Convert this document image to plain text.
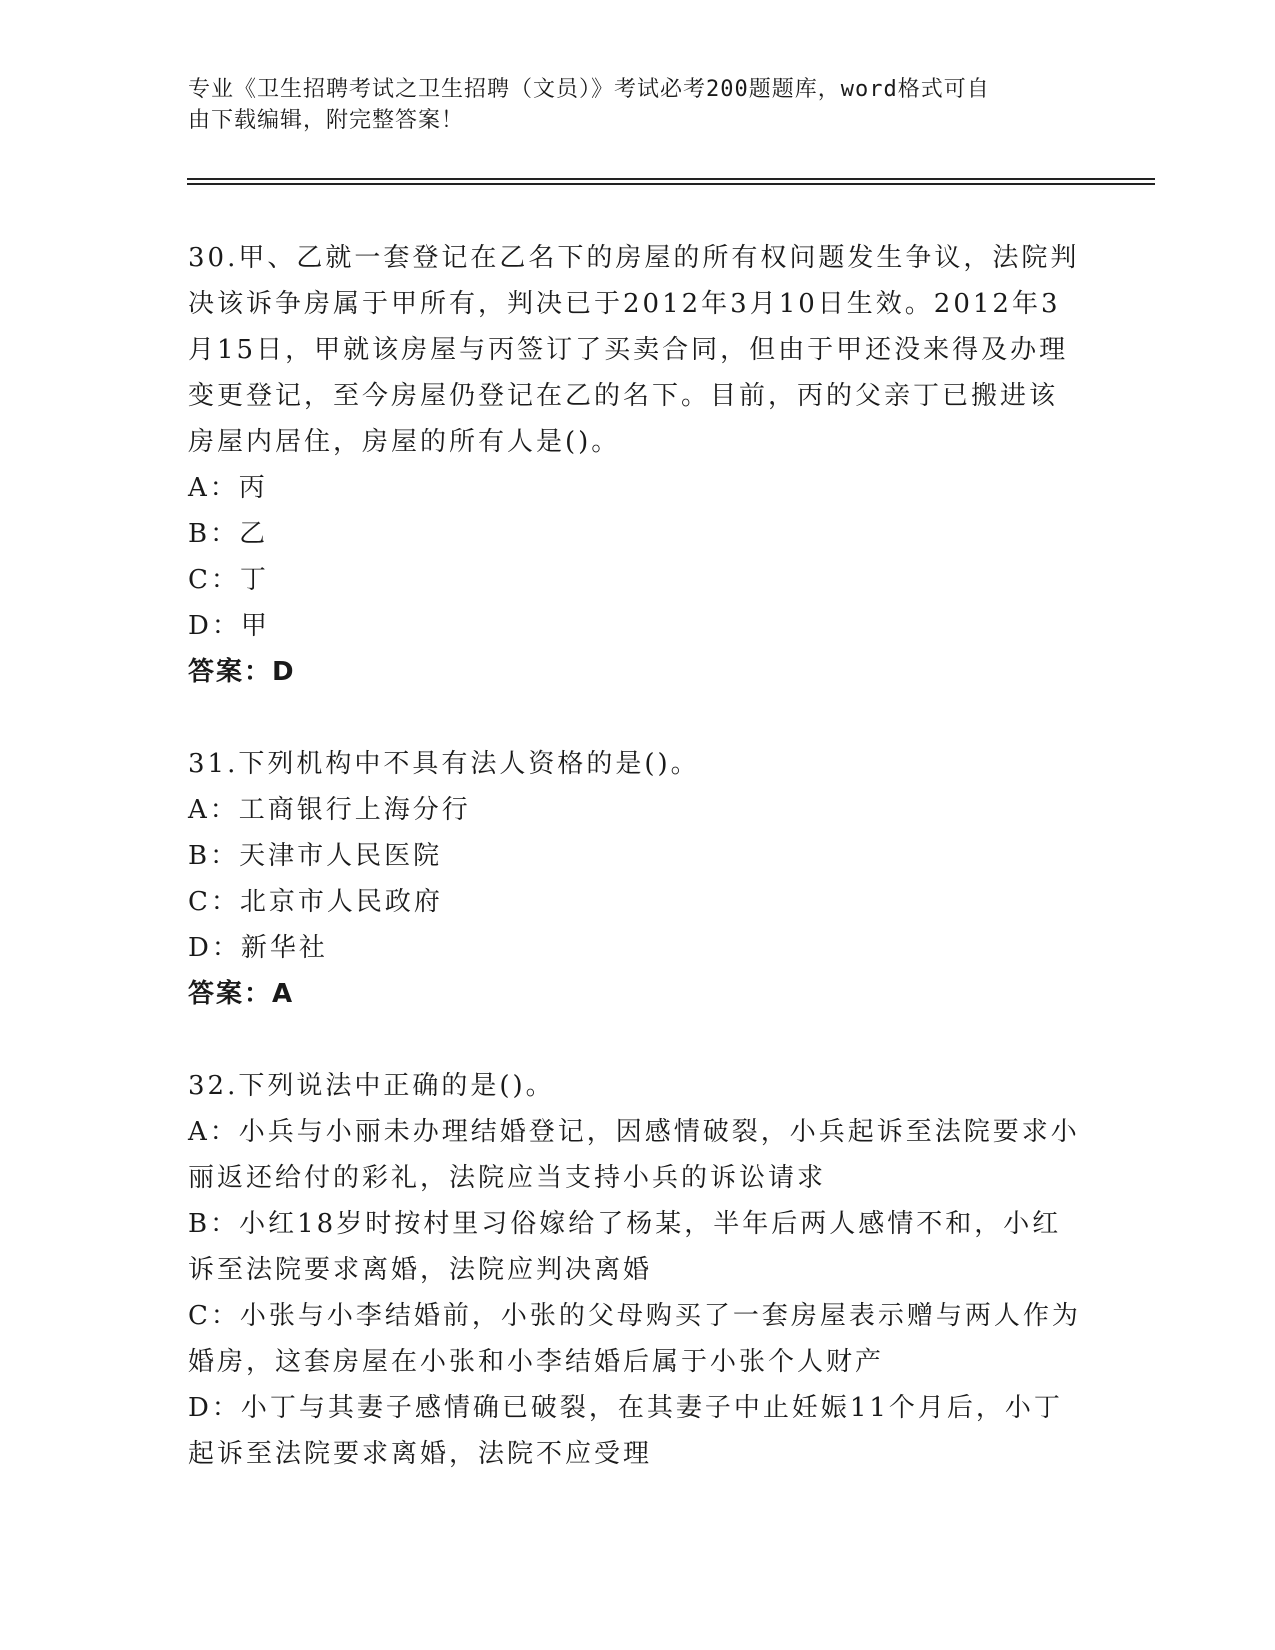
专业《卫生招聘考试之卫生招聘（文员）》考试必考200题题库，word格式可自
由下载编辑，附完整答案！
30.甲、乙就一套登记在乙名下的房屋的所有权问题发生争议，法院判
决该诉争房属于甲所有，判决已于2012年3月10日生效。2012年3
月15日，甲就该房屋与丙签订了买卖合同，但由于甲还没来得及办理
变更登记，至今房屋仍登记在乙的名下。目前，丙的父亲丁已搬进该
房屋内居住，房屋的所有人是()。
A：丙
B：乙
C：丁
D：甲
答案：D
31.下列机构中不具有法人资格的是()。
A：工商银行上海分行
B：天津市人民医院
C：北京市人民政府
D：新华社
答案：A
32.下列说法中正确的是()。
A：小兵与小丽未办理结婚登记，因感情破裂，小兵起诉至法院要求小
丽返还给付的彩礼，法院应当支持小兵的诉讼请求
B：小红18岁时按村里习俗嫁给了杨某，半年后两人感情不和，小红
诉至法院要求离婚，法院应判决离婚
C：小张与小李结婚前，小张的父母购买了一套房屋表示赠与两人作为
婚房，这套房屋在小张和小李结婚后属于小张个人财产
D：小丁与其妻子感情确已破裂，在其妻子中止妊娠11个月后，小丁
起诉至法院要求离婚，法院不应受理
